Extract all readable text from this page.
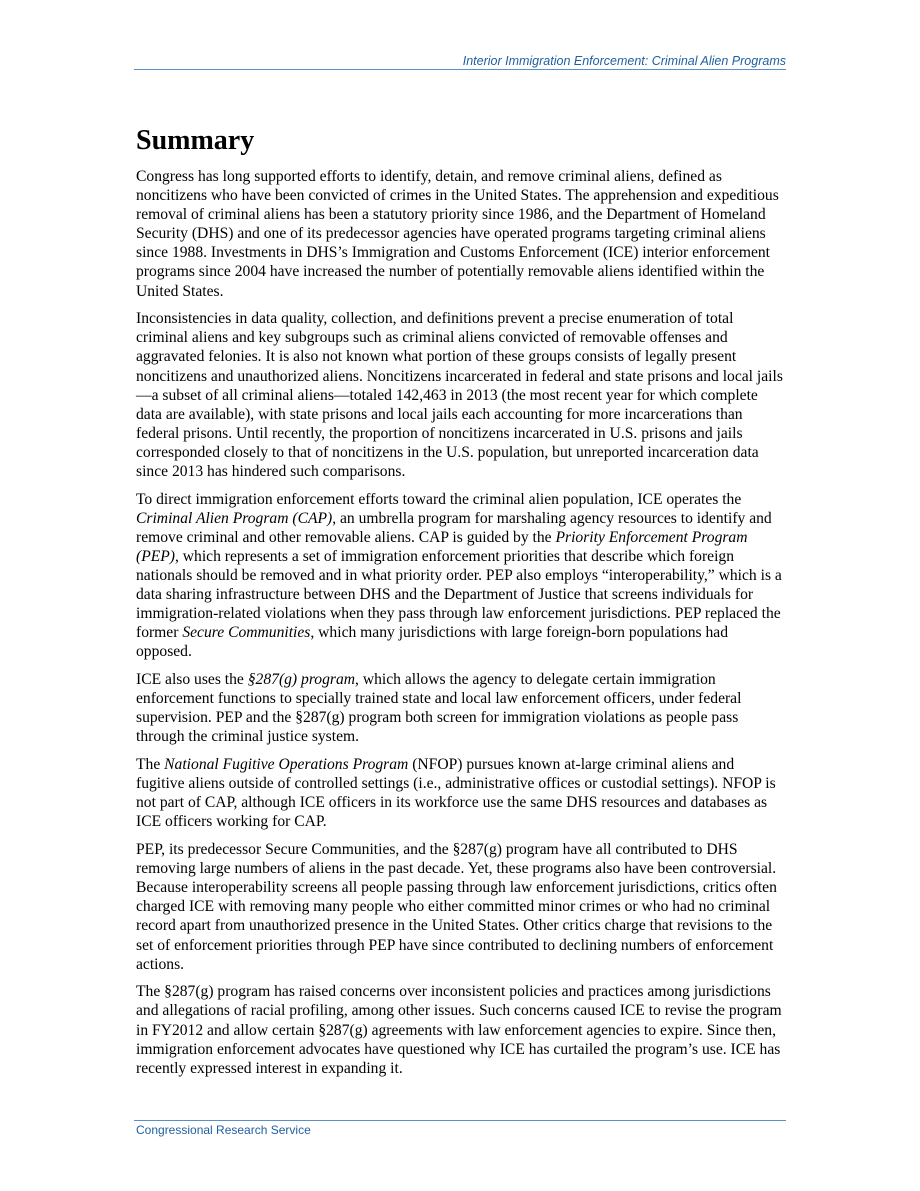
Interior Immigration Enforcement: Criminal Alien Programs
Summary

Congress has long supported efforts to identify, detain, and remove criminal aliens, defined as noncitizens who have been convicted of crimes in the United States. The apprehension and expeditious removal of criminal aliens has been a statutory priority since 1986, and the Department of Homeland Security (DHS) and one of its predecessor agencies have operated programs targeting criminal aliens since 1988. Investments in DHS’s Immigration and Customs Enforcement (ICE) interior enforcement programs since 2004 have increased the number of potentially removable aliens identified within the United States.

Inconsistencies in data quality, collection, and definitions prevent a precise enumeration of total criminal aliens and key subgroups such as criminal aliens convicted of removable offenses and aggravated felonies. It is also not known what portion of these groups consists of legally present noncitizens and unauthorized aliens. Noncitizens incarcerated in federal and state prisons and local jails—a subset of all criminal aliens—totaled 142,463 in 2013 (the most recent year for which complete data are available), with state prisons and local jails each accounting for more incarcerations than federal prisons. Until recently, the proportion of noncitizens incarcerated in U.S. prisons and jails corresponded closely to that of noncitizens in the U.S. population, but unreported incarceration data since 2013 has hindered such comparisons.

To direct immigration enforcement efforts toward the criminal alien population, ICE operates the Criminal Alien Program (CAP), an umbrella program for marshaling agency resources to identify and remove criminal and other removable aliens. CAP is guided by the Priority Enforcement Program (PEP), which represents a set of immigration enforcement priorities that describe which foreign nationals should be removed and in what priority order. PEP also employs “interoperability,” which is a data sharing infrastructure between DHS and the Department of Justice that screens individuals for immigration-related violations when they pass through law enforcement jurisdictions. PEP replaced the former Secure Communities, which many jurisdictions with large foreign-born populations had opposed.

ICE also uses the §287(g) program, which allows the agency to delegate certain immigration enforcement functions to specially trained state and local law enforcement officers, under federal supervision. PEP and the §287(g) program both screen for immigration violations as people pass through the criminal justice system.

The National Fugitive Operations Program (NFOP) pursues known at-large criminal aliens and fugitive aliens outside of controlled settings (i.e., administrative offices or custodial settings). NFOP is not part of CAP, although ICE officers in its workforce use the same DHS resources and databases as ICE officers working for CAP.

PEP, its predecessor Secure Communities, and the §287(g) program have all contributed to DHS removing large numbers of aliens in the past decade. Yet, these programs also have been controversial. Because interoperability screens all people passing through law enforcement jurisdictions, critics often charged ICE with removing many people who either committed minor crimes or who had no criminal record apart from unauthorized presence in the United States. Other critics charge that revisions to the set of enforcement priorities through PEP have since contributed to declining numbers of enforcement actions.

The §287(g) program has raised concerns over inconsistent policies and practices among jurisdictions and allegations of racial profiling, among other issues. Such concerns caused ICE to revise the program in FY2012 and allow certain §287(g) agreements with law enforcement agencies to expire. Since then, immigration enforcement advocates have questioned why ICE has curtailed the program’s use. ICE has recently expressed interest in expanding it.

Congressional Research Service
